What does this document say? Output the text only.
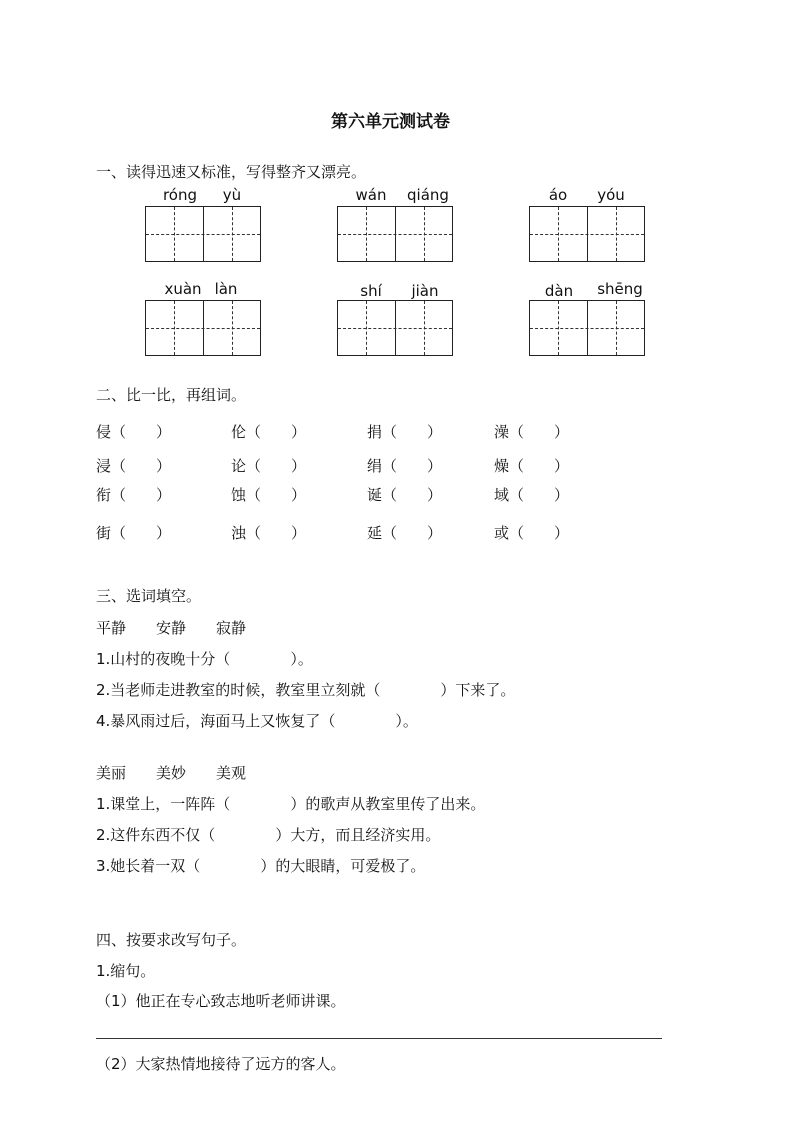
第六单元测试卷
一、读得迅速又标准，写得整齐又漂亮。
róng	yù	wán	qiáng	áo	yóu
xuàn làn	shí	jiàn	dàn	shēng
二、比一比，再组词。
侵（　　）	伦（　　）	捐（　　）	澡（　　）
浸（　　）	论（　　）	绢（　　）	燥（　　）
衔（　　）	蚀（　　）	诞（　　）	域（　　）
街（　　）	浊（　　）	延（　　）	或（　　）
三、选词填空。
平静　　安静　　寂静
1.山村的夜晚十分（　　　　）。
2.当老师走进教室的时候，教室里立刻就（　　　　）下来了。
4.暴风雨过后，海面马上又恢复了（　　　　）。
美丽　　美妙　　美观
1.课堂上，一阵阵（　　　　）的歌声从教室里传了出来。
2.这件东西不仅（　　　　）大方，而且经济实用。
3.她长着一双（　　　　）的大眼睛，可爱极了。
四、按要求改写句子。
1.缩句。
（1）他正在专心致志地听老师讲课。
（2）大家热情地接待了远方的客人。
